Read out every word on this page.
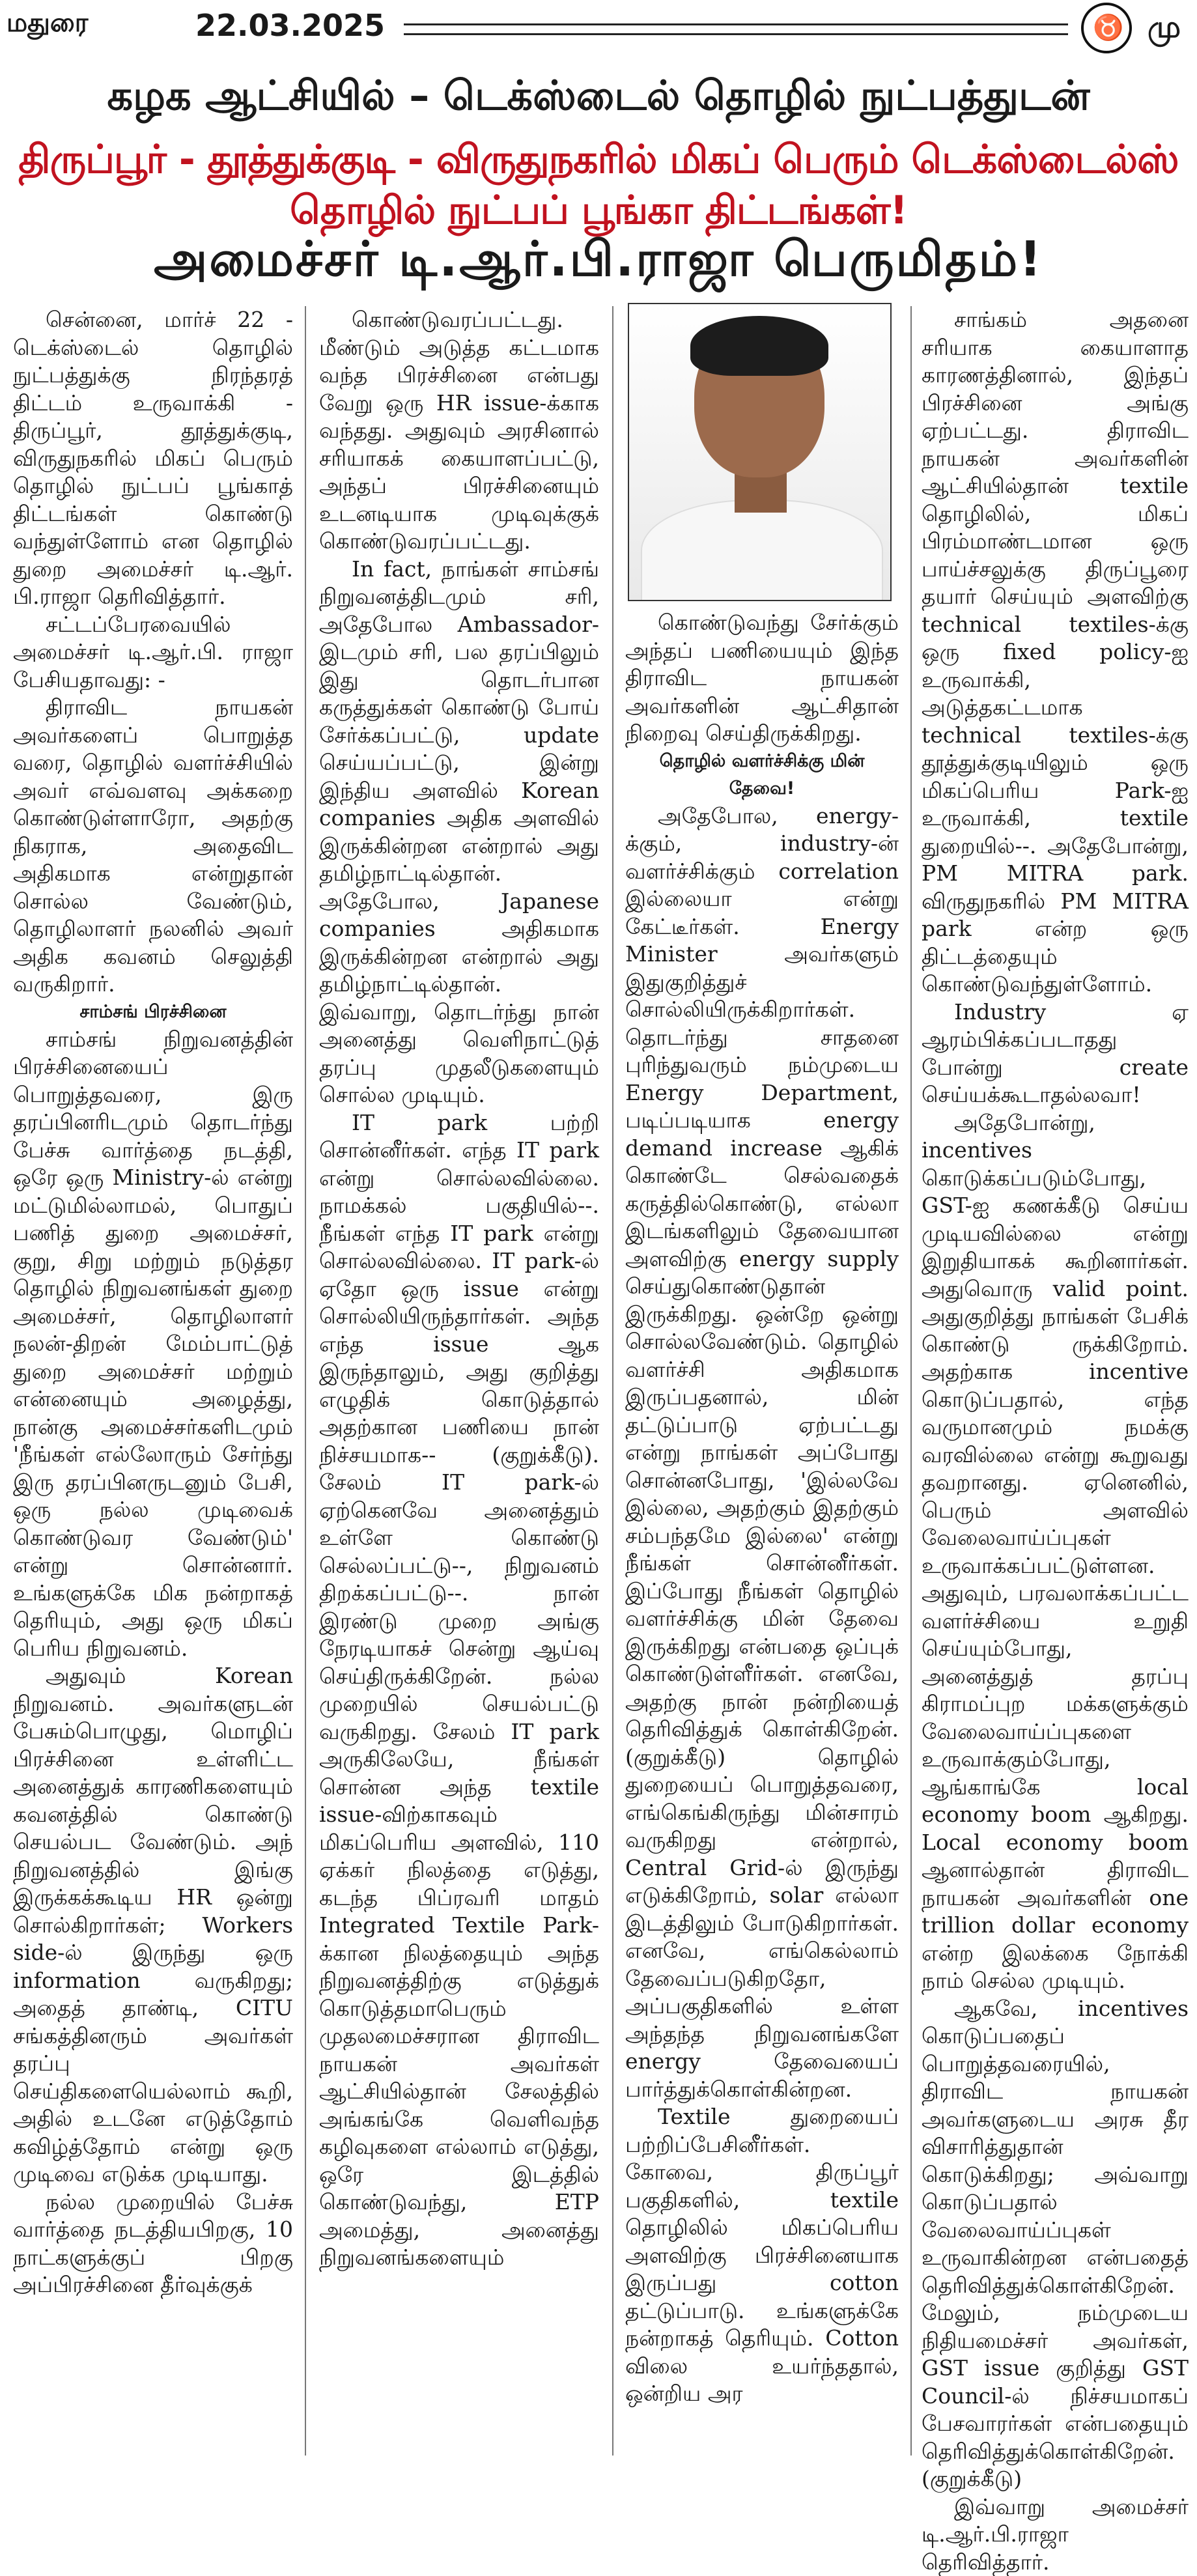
மதுரை	22.03.2025	♉ மு
கழக ஆட்சியில் – டெக்ஸ்டைல் தொழில் நுட்பத்துடன்
திருப்பூர் - தூத்துக்குடி - விருதுநகரில் மிகப் பெரும் டெக்ஸ்டைல்ஸ் தொழில் நுட்பப் பூங்கா திட்டங்கள்!
அமைச்சர் டி.ஆர்.பி.ராஜா பெருமிதம்!

சென்னை, மார்ச் 22 - டெக்ஸ்டைல் தொழில் நுட்பத்துக்கு நிரந்தரத் திட்டம் உருவாக்கி - திருப்பூர், தூத்துக்குடி, விருதுநகரில் மிகப் பெரும் தொழில் நுட்பப் பூங்காத் திட்டங்கள் கொண்டு வந்துள்ளோம் என தொழில் துறை அமைச்சர் டி.ஆர். பி.ராஜா தெரிவித்தார்.

சட்டப்பேரவையில் அமைச்சர் டி.ஆர்.பி. ராஜா பேசியதாவது: -

திராவிட நாயகன் அவர்களைப் பொறுத்த வரை, தொழில் வளர்ச்சியில் அவர் எவ்வளவு அக்கறை கொண்டுள்ளாரோ, அதற்கு நிகராக, அதைவிட அதிகமாக என்றுதான் சொல்ல வேண்டும், தொழிலாளர் நலனில் அவர் அதிக கவனம் செலுத்தி வருகிறார்.

சாம்சங் பிரச்சினை

சாம்சங் நிறுவனத்தின் பிரச்சினையைப் பொறுத்தவரை, இரு தரப்பினரிடமும் தொடர்ந்து பேச்சு வார்த்தை நடத்தி, ஒரே ஒரு Ministry-ல் என்று மட்டுமில்லாமல், பொதுப் பணித் துறை அமைச்சர், குறு, சிறு மற்றும் நடுத்தர தொழில் நிறுவனங்கள் துறை அமைச்சர், தொழிலாளர் நலன்-திறன் மேம்பாட்டுத் துறை அமைச்சர் மற்றும் என்னையும் அழைத்து, நான்கு அமைச்சர்களிடமும் 'நீங்கள் எல்லோரும் சேர்ந்து இரு தரப்பினருடனும் பேசி, ஒரு நல்ல முடிவைக் கொண்டுவர வேண்டும்' என்று சொன்னார். உங்களுக்கே மிக நன்றாகத் தெரியும், அது ஒரு மிகப் பெரிய நிறுவனம்.

அதுவும் Korean நிறுவனம். அவர்களுடன் பேசும்பொழுது, மொழிப் பிரச்சினை உள்ளிட்ட அனைத்துக் காரணிகளையும் கவனத்தில் கொண்டு செயல்பட வேண்டும். அந் நிறுவனத்தில் இங்கு இருக்கக்கூடிய HR ஒன்று சொல்கிறார்கள்; Workers side-ல் இருந்து ஒரு information வருகிறது; அதைத் தாண்டி, CITU சங்கத்தினரும் அவர்கள் தரப்பு செய்திகளையெல்லாம் கூறி, அதில் உடனே எடுத்தோம் கவிழ்த்தோம் என்று ஒரு முடிவை எடுக்க முடியாது.

நல்ல முறையில் பேச்சு வார்த்தை நடத்தியபிறகு, 10 நாட்களுக்குப் பிறகு அப்பிரச்சினை தீர்வுக்குக்

கொண்டுவரப்பட்டது. மீண்டும் அடுத்த கட்டமாக வந்த பிரச்சினை என்பது வேறு ஒரு HR issue-க்காக வந்தது. அதுவும் அரசினால் சரியாகக் கையாளப்பட்டு, அந்தப் பிரச்சினையும் உடனடியாக முடிவுக்குக் கொண்டுவரப்பட்டது.

In fact, நாங்கள் சாம்சங் நிறுவனத்திடமும் சரி, அதேபோல Ambassador-இடமும் சரி, பல தரப்பிலும் இது தொடர்பான கருத்துக்கள் கொண்டு போய் சேர்க்கப்பட்டு, update செய்யப்பட்டு, இன்று இந்திய அளவில் Korean companies அதிக அளவில் இருக்கின்றன என்றால் அது தமிழ்நாட்டில்தான். அதேபோல, Japanese companies அதிகமாக இருக்கின்றன என்றால் அது தமிழ்நாட்டில்தான். இவ்வாறு, தொடர்ந்து நான் அனைத்து வெளிநாட்டுத் தரப்பு முதலீடுகளையும் சொல்ல முடியும்.

IT park பற்றி சொன்னீர்கள். எந்த IT park என்று சொல்லவில்லை. நாமக்கல் பகுதியில்--. நீங்கள் எந்த IT park என்று சொல்லவில்லை. IT park-ல் ஏதோ ஒரு issue என்று சொல்லியிருந்தார்கள். அந்த எந்த issue ஆக இருந்தாலும், அது குறித்து எழுதிக் கொடுத்தால் அதற்கான பணியை நான் நிச்சயமாக-- (குறுக்கீடு). சேலம் IT park-ல் ஏற்கெனவே அனைத்தும் உள்ளே கொண்டு செல்லப்பட்டு--, நிறுவனம் திறக்கப்பட்டு--. நான் இரண்டு முறை அங்கு நேரடியாகச் சென்று ஆய்வு செய்திருக்கிறேன். நல்ல முறையில் செயல்பட்டு வருகிறது. சேலம் IT park அருகிலேயே, நீங்கள் சொன்ன அந்த textile issue-விற்காகவும் மிகப்பெரிய அளவில், 110 ஏக்கர் நிலத்தை எடுத்து, கடந்த பிப்ரவரி மாதம் Integrated Textile Park-க்கான நிலத்தையும் அந்த நிறுவனத்திற்கு எடுத்துக் கொடுத்தமாபெரும் முதலமைச்சரான திராவிட நாயகன் அவர்கள் ஆட்சியில்தான் சேலத்தில் அங்கங்கே வெளிவந்த கழிவுகளை எல்லாம் எடுத்து, ஒரே இடத்தில் கொண்டுவந்து, ETP அமைத்து, அனைத்து நிறுவனங்களையும்

கொண்டுவந்து சேர்க்கும் அந்தப் பணியையும் இந்த திராவிட நாயகன் அவர்களின் ஆட்சிதான் நிறைவு செய்திருக்கிறது.

தொழில் வளர்ச்சிக்கு மின் தேவை!

அதேபோல, energy-க்கும், industry-ன் வளர்ச்சிக்கும் correlation இல்லையா என்று கேட்டீர்கள். Energy Minister அவர்களும் இதுகுறித்துச் சொல்லியிருக்கிறார்கள். தொடர்ந்து சாதனை புரிந்துவரும் நம்முடைய Energy Department, படிப்படியாக energy demand increase ஆகிக் கொண்டே செல்வதைக் கருத்தில்கொண்டு, எல்லா இடங்களிலும் தேவையான அளவிற்கு energy supply செய்துகொண்டுதான் இருக்கிறது. ஒன்றே ஒன்று சொல்லவேண்டும். தொழில் வளர்ச்சி அதிகமாக இருப்பதனால், மின் தட்டுப்பாடு ஏற்பட்டது என்று நாங்கள் அப்போது சொன்னபோது, 'இல்லவே இல்லை, அதற்கும் இதற்கும் சம்பந்தமே இல்லை' என்று நீங்கள் சொன்னீர்கள். இப்போது நீங்கள் தொழில் வளர்ச்சிக்கு மின் தேவை இருக்கிறது என்பதை ஒப்புக் கொண்டுள்ளீர்கள். எனவே, அதற்கு நான் நன்றியைத் தெரிவித்துக் கொள்கிறேன். (குறுக்கீடு) தொழில் துறையைப் பொறுத்தவரை, எங்கெங்கிருந்து மின்சாரம் வருகிறது என்றால், Central Grid-ல் இருந்து எடுக்கிறோம், solar எல்லா இடத்திலும் போடுகிறார்கள். எனவே, எங்கெல்லாம் தேவைப்படுகிறதோ, அப்பகுதிகளில் உள்ள அந்தந்த நிறுவனங்களே energy தேவையைப் பார்த்துக்கொள்கின்றன.

Textile துறையைப் பற்றிப்பேசினீர்கள். கோவை, திருப்பூர் பகுதிகளில், textile தொழிலில் மிகப்பெரிய அளவிற்கு பிரச்சினையாக இருப்பது cotton தட்டுப்பாடு. உங்களுக்கே நன்றாகத் தெரியும். Cotton விலை உயர்ந்ததால், ஒன்றிய அர

சாங்கம் அதனை சரியாக கையாளாத காரணத்தினால், இந்தப் பிரச்சினை அங்கு ஏற்பட்டது. திராவிட நாயகன் அவர்களின் ஆட்சியில்தான் textile தொழிலில், மிகப் பிரம்மாண்டமான ஒரு பாய்ச்சலுக்கு திருப்பூரை தயார் செய்யும் அளவிற்கு technical textiles-க்கு ஒரு fixed policy-ஐ உருவாக்கி, அடுத்தகட்டமாக technical textiles-க்கு தூத்துக்குடியிலும் ஒரு மிகப்பெரிய Park-ஐ உருவாக்கி, textile துறையில்--. அதேபோன்று, PM MITRA park. விருதுநகரில் PM MITRA park என்ற ஒரு திட்டத்தையும் கொண்டுவந்துள்ளோம்.

Industry ஏ ஆரம்பிக்கப்படாதது போன்று create செய்யக்கூடாதல்லவா!

அதேபோன்று, incentives கொடுக்கப்படும்போது, GST-ஐ கணக்கீடு செய்ய முடியவில்லை என்று இறுதியாகக் கூறினார்கள். அதுவொரு valid point. அதுகுறித்து நாங்கள் பேசிக் கொண்டு ருக்கிறோம். அதற்காக incentive கொடுப்பதால், எந்த வருமானமும் நமக்கு வரவில்லை என்று கூறுவது தவறானது. ஏனெனில், பெரும் அளவில் வேலைவாய்ப்புகள் உருவாக்கப்பட்டுள்ளன. அதுவும், பரவலாக்கப்பட்ட வளர்ச்சியை உறுதி செய்யும்போது, அனைத்துத் தரப்பு கிராமப்புற மக்களுக்கும் வேலைவாய்ப்புகளை உருவாக்கும்போது, ஆங்காங்கே local economy boom ஆகிறது. Local economy boom ஆனால்தான் திராவிட நாயகன் அவர்களின் one trillion dollar economy என்ற இலக்கை நோக்கி நாம் செல்ல முடியும்.

ஆகவே, incentives கொடுப்பதைப் பொறுத்தவரையில், திராவிட நாயகன் அவர்களுடைய அரசு தீர விசாரித்துதான் கொடுக்கிறது; அவ்வாறு கொடுப்பதால் வேலைவாய்ப்புகள் உருவாகின்றன என்பதைத் தெரிவித்துக்கொள்கிறேன். மேலும், நம்முடைய நிதியமைச்சர் அவர்கள், GST issue குறித்து GST Council-ல் நிச்சயமாகப் பேசவாரர்கள் என்பதையும் தெரிவித்துக்கொள்கிறேன். (குறுக்கீடு)

இவ்வாறு அமைச்சர் டி.ஆர்.பி.ராஜா தெரிவித்தார்.
